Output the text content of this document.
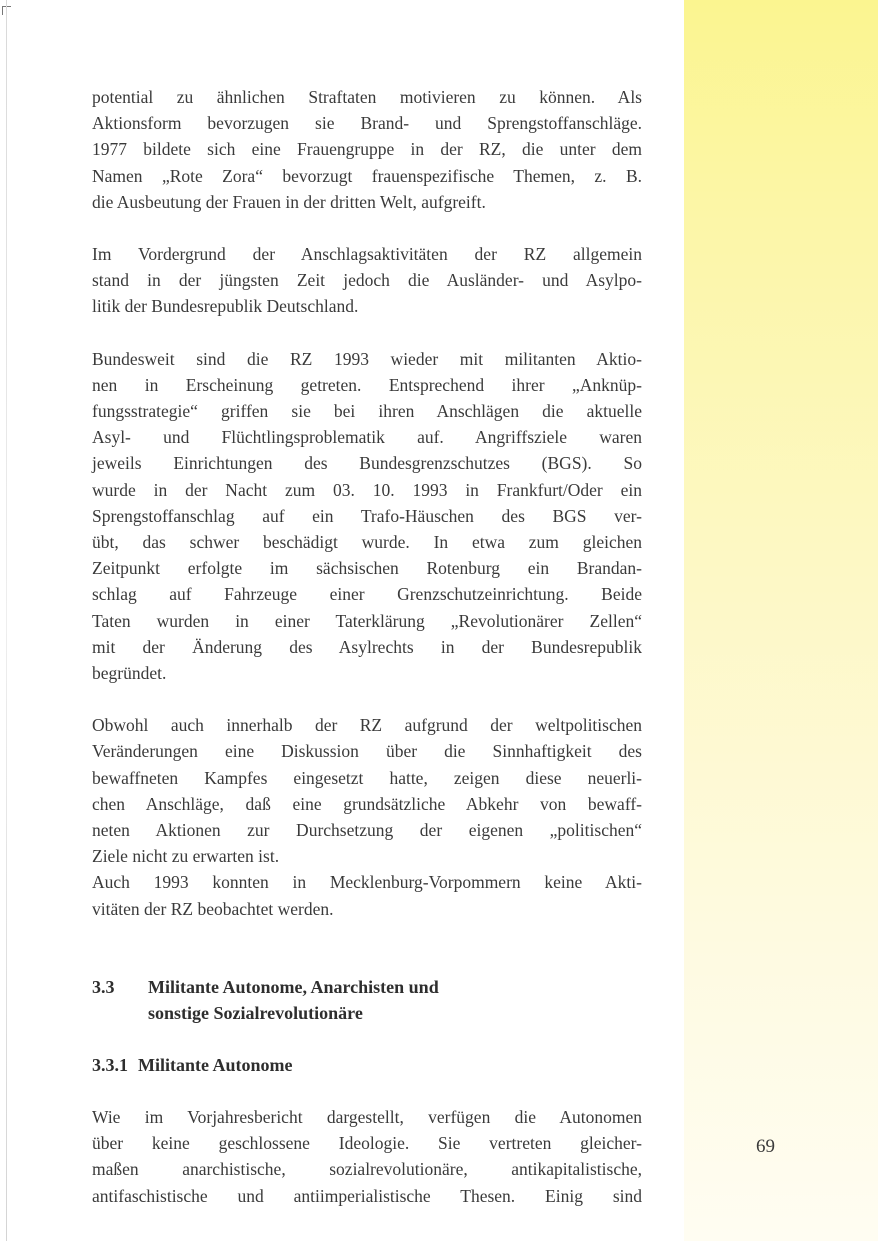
potential zu ähnlichen Straftaten motivieren zu können. Als
Aktionsform bevorzugen sie Brand- und Sprengstoffanschläge.
1977 bildete sich eine Frauengruppe in der RZ, die unter dem
Namen „Rote Zora“ bevorzugt frauenspezifische Themen, z. B.
die Ausbeutung der Frauen in der dritten Welt, aufgreift.

Im Vordergrund der Anschlagsaktivitäten der RZ allgemein
stand in der jüngsten Zeit jedoch die Ausländer- und Asylpo-
litik der Bundesrepublik Deutschland.

Bundesweit sind die RZ 1993 wieder mit militanten Aktio-
nen in Erscheinung getreten. Entsprechend ihrer „Anknüp-
fungsstrategie“ griffen sie bei ihren Anschlägen die aktuelle
Asyl- und Flüchtlingsproblematik auf. Angriffsziele waren
jeweils Einrichtungen des Bundesgrenzschutzes (BGS). So
wurde in der Nacht zum 03. 10. 1993 in Frankfurt/Oder ein
Sprengstoffanschlag auf ein Trafo-Häuschen des BGS ver-
übt, das schwer beschädigt wurde. In etwa zum gleichen
Zeitpunkt erfolgte im sächsischen Rotenburg ein Brandan-
schlag auf Fahrzeuge einer Grenzschutzeinrichtung. Beide
Taten wurden in einer Taterklärung „Revolutionärer Zellen“
mit der Änderung des Asylrechts in der Bundesrepublik
begründet.

Obwohl auch innerhalb der RZ aufgrund der weltpolitischen
Veränderungen eine Diskussion über die Sinnhaftigkeit des
bewaffneten Kampfes eingesetzt hatte, zeigen diese neuerli-
chen Anschläge, daß eine grundsätzliche Abkehr von bewaff-
neten Aktionen zur Durchsetzung der eigenen „politischen“
Ziele nicht zu erwarten ist.

Auch 1993 konnten in Mecklenburg-Vorpommern keine Akti-
vitäten der RZ beobachtet werden.

3.3	Militante Autonome, Anarchisten und
sonstige Sozialrevolutionäre
3.3.1 Militante Autonome

Wie im Vorjahresbericht dargestellt, verfügen die Autonomen
über keine geschlossene Ideologie. Sie vertreten gleicher-
maßen anarchistische, sozialrevolutionäre, antikapitalistische,
antifaschistische und antiimperialistische Thesen. Einig sind

69
